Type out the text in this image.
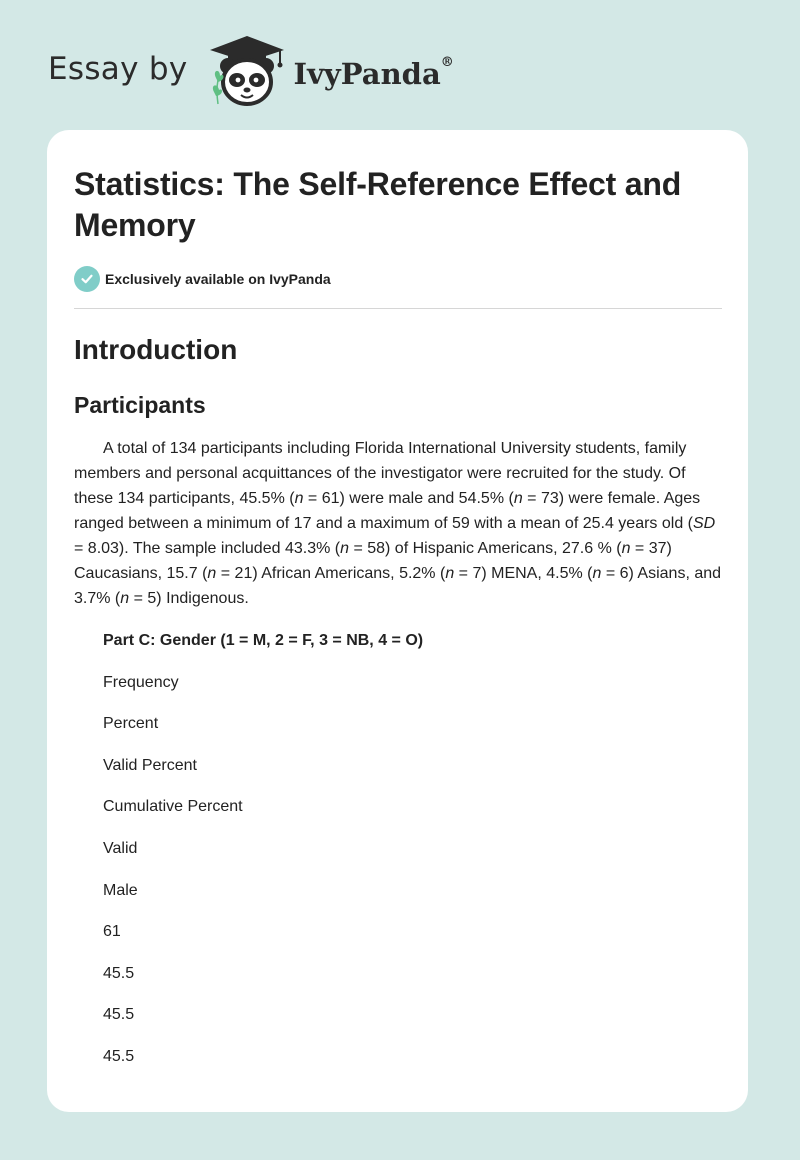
Essay by	IvyPanda®
Statistics: The Self-Reference Effect and Memory
Exclusively available on IvyPanda
Introduction
Participants

A total of 134 participants including Florida International University students, family members and personal acquittances of the investigator were recruited for the study. Of these 134 participants, 45.5% (n = 61) were male and 54.5% (n = 73) were female. Ages ranged between a minimum of 17 and a maximum of 59 with a mean of 25.4 years old (SD = 8.03). The sample included 43.3% (n = 58) of Hispanic Americans, 27.6 % (n = 37) Caucasians, 15.7 (n = 21) African Americans, 5.2% (n = 7) MENA, 4.5% (n = 6) Asians, and 3.7% (n = 5) Indigenous.

Part C: Gender (1 = M, 2 = F, 3 = NB, 4 = O)
Frequency
Percent
Valid Percent
Cumulative Percent
Valid
Male
61
45.5
45.5
45.5
